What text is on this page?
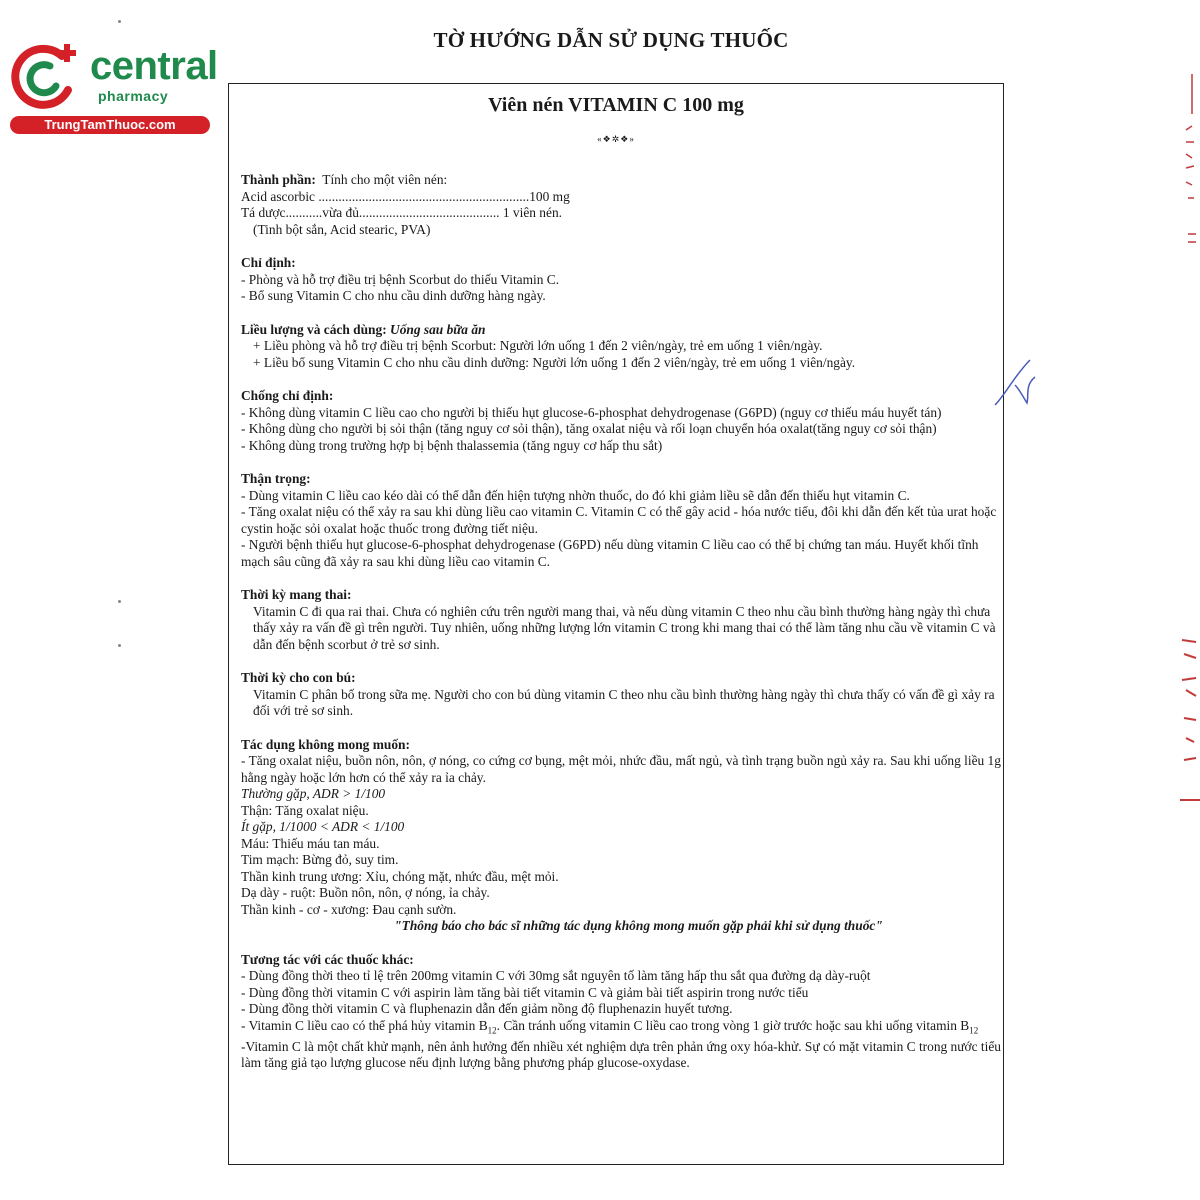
central
pharmacy
TrungTamThuoc.com
TỜ HƯỚNG DẪN SỬ DỤNG THUỐC
Viên nén VITAMIN C 100 mg
«❖✲❖»
Thành phần: Tính cho một viên nén:
Acid ascorbic ...............................................................100 mg
Tá dược...........vừa đủ.......................................... 1 viên nén.
(Tinh bột sắn, Acid stearic, PVA)
Chỉ định:
- Phòng và hỗ trợ điều trị bệnh Scorbut do thiếu Vitamin C.
- Bổ sung Vitamin C cho nhu cầu dinh dưỡng hàng ngày.
Liều lượng và cách dùng: Uống sau bữa ăn
+ Liều phòng và hỗ trợ điều trị bệnh Scorbut: Người lớn uống 1 đến 2 viên/ngày, trẻ em uống 1 viên/ngày.
+ Liều bổ sung Vitamin C cho nhu cầu dinh dưỡng: Người lớn uống 1 đến 2 viên/ngày, trẻ em uống 1 viên/ngày.
Chống chỉ định:
- Không dùng vitamin C liều cao cho người bị thiếu hụt glucose-6-phosphat dehydrogenase (G6PD) (nguy cơ thiếu máu huyết tán)
- Không dùng cho người bị sỏi thận (tăng nguy cơ sỏi thận), tăng oxalat niệu và rối loạn chuyển hóa oxalat(tăng nguy cơ sỏi thận)
- Không dùng trong trường hợp bị bệnh thalassemia (tăng nguy cơ hấp thu sắt)
Thận trọng:
- Dùng vitamin C liều cao kéo dài có thể dẫn đến hiện tượng nhờn thuốc, do đó khi giảm liều sẽ dẫn đến thiếu hụt vitamin C.
- Tăng oxalat niệu có thể xảy ra sau khi dùng liều cao vitamin C. Vitamin C có thể gây acid - hóa nước tiểu, đôi khi dẫn đến kết tủa urat hoặc cystin hoặc sỏi oxalat hoặc thuốc trong đường tiết niệu.
- Người bệnh thiếu hụt glucose-6-phosphat dehydrogenase (G6PD) nếu dùng vitamin C liều cao có thể bị chứng tan máu. Huyết khối tĩnh mạch sâu cũng đã xảy ra sau khi dùng liều cao vitamin C.
Thời kỳ mang thai:
Vitamin C đi qua rai thai. Chưa có nghiên cứu trên người mang thai, và nếu dùng vitamin C theo nhu cầu bình thường hàng ngày thì chưa thấy xảy ra vấn đề gì trên người. Tuy nhiên, uống những lượng lớn vitamin C trong khi mang thai có thể làm tăng nhu cầu về vitamin C và dẫn đến bệnh scorbut ở trẻ sơ sinh.
Thời kỳ cho con bú:
Vitamin C phân bố trong sữa mẹ. Người cho con bú dùng vitamin C theo nhu cầu bình thường hàng ngày thì chưa thấy có vấn đề gì xảy ra đối với trẻ sơ sinh.
Tác dụng không mong muốn:
- Tăng oxalat niệu, buồn nôn, nôn, ợ nóng, co cứng cơ bụng, mệt mỏi, nhức đầu, mất ngủ, và tình trạng buồn ngủ xảy ra. Sau khi uống liều 1g hằng ngày hoặc lớn hơn có thể xảy ra ỉa chảy.
Thường gặp, ADR > 1/100
Thận: Tăng oxalat niệu.
Ít gặp, 1/1000 < ADR < 1/100
Máu: Thiếu máu tan máu.
Tim mạch: Bừng đỏ, suy tim.
Thần kinh trung ương: Xỉu, chóng mặt, nhức đầu, mệt mỏi.
Dạ dày - ruột: Buồn nôn, nôn, ợ nóng, ỉa chảy.
Thần kinh - cơ - xương: Đau cạnh sườn.
"Thông báo cho bác sĩ những tác dụng không mong muốn gặp phải khi sử dụng thuốc"
Tương tác với các thuốc khác:
- Dùng đồng thời theo tỉ lệ trên 200mg vitamin C với 30mg sắt nguyên tố làm tăng hấp thu sắt qua đường dạ dày-ruột
- Dùng đồng thời vitamin C với aspirin làm tăng bài tiết vitamin C và giảm bài tiết aspirin trong nước tiểu
- Dùng đồng thời vitamin C và fluphenazin dẫn đến giảm nồng độ fluphenazin huyết tương.
- Vitamin C liều cao có thể phá hủy vitamin $B_{12}$. Cần tránh uống vitamin C liều cao trong vòng 1 giờ trước hoặc sau khi uống vitamin $B_{12}$
-Vitamin C là một chất khử mạnh, nên ảnh hưởng đến nhiều xét nghiệm dựa trên phản ứng oxy hóa-khử. Sự có mặt vitamin C trong nước tiểu làm tăng giả tạo lượng glucose nếu định lượng bằng phương pháp glucose-oxydase.
